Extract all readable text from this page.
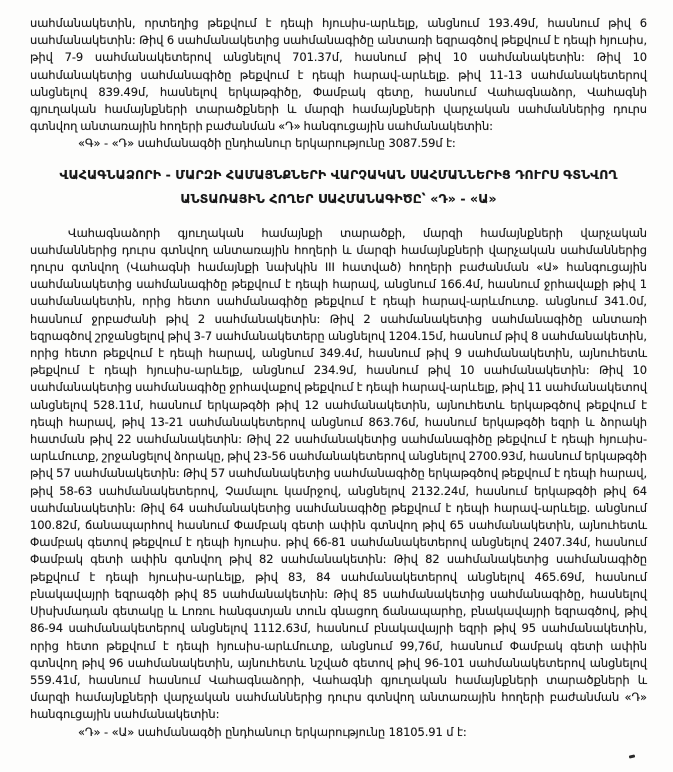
սահմանակետին, որտեղից թեքվում է դեպի հյուսիս-արևելք, անցնում 193.49մ, հասնում թիվ 6 սահմանակետին: Թիվ 6 սահմանակետից սահմանագիծը անտառի եզրագծով թեքվում է դեպի հյուսիս, թիվ 7-9 սահմանակետերով անցնելով 701.37մ, հասնում թիվ 10 սահմանակետին: Թիվ 10 սահմանակետից սահմանագիծը թեքվում է դեպի հարավ-արևելք. թիվ 11-13 սահմանակետերով անցնելով 839.49մ, հասնելով երկաթգիծը, Փամբակ գետը, հասնում Վահագնաձոր, Վահագնի գյուղական համայնքների տարածքների և մարզի համայնքների վարչական սահմաններից դուրս գտնվող անտառային հողերի բաժանման «Դ» հանգուցային սահմանակետին:

«Գ» - «Դ» սահմանագծի ընդհանուր երկարությունը 3087.59մ է:

ՎԱՀԱԳՆԱՁՈՐԻ - ՄԱՐԶԻ ՀԱՄԱՅՆՔՆԵՐԻ ՎԱՐՉԱԿԱՆ ՍԱՀՄԱՆՆԵՐԻՑ ԴՈՒՐՍ ԳՏՆՎՈՂ
ԱՆՏԱՌԱՅԻՆ ՀՈՂԵՐ ՍԱՀՄԱՆԱԳԻԾԸ՝ «Դ» - «Ա»

Վահագնաձորի գյուղական համայնքի տարածքի, մարզի համայնքների վարչական սահմաններից դուրս գտնվող անտառային հողերի և մարզի համայնքների վարչական սահմաններից դուրս գտնվող (Վահագնի համայնքի նախկին III հատված) հողերի բաժանման «Ա» հանգուցային սահմանակետից սահմանագիծը թեքվում է դեպի հարավ, անցնում 166.4մ, հասնում ջրհավաքի թիվ 1 սահմանակետին, որից հետո սահմանագիծը թեքվում է դեպի հարավ-արևմուտք. անցնում 341.0մ, հասնում ջրբաժանի թիվ 2 սահմանակետին: Թիվ 2 սահմանակետից սահմանագիծը անտառի եզրագծով շրջանցելով թիվ 3-7 սահմանակետերը անցնելով 1204.15մ, հասնում թիվ 8 սահմանակետին, որից հետո թեքվում է դեպի հարավ, անցնում 349.4մ, հասնում թիվ 9 սահմանակետին, այնուհետև թեքվում է դեպի հյուսիս-արևելք, անցնում 234.9մ, հասնում թիվ 10 սահմանակետին: Թիվ 10 սահմանակետից սահմանագիծը ջրհավաքով թեքվում է դեպի հարավ-արևելք, թիվ 11 սահմանակետով անցնելով 528.11մ, հասնում երկաթգծի թիվ 12 սահմանակետին, այնուհետև երկաթգծով թեքվում է դեպի հարավ, թիվ 13-21 սահմանակետերով անցնում 863.76մ, հասնում երկաթգծի եզրի և ձորակի հատման թիվ 22 սահմանակետին: Թիվ 22 սահմանակետից սահմանագիծը թեքվում է դեպի հյուսիս-արևմուտք, շրջանցելով ձորակը, թիվ 23-56 սահմանակետերով անցնելով 2700.93մ, հասնում երկաթգծի թիվ 57 սահմանակետին: Թիվ 57 սահմանակետից սահմանագիծը երկաթգծով թեքվում է դեպի հարավ, թիվ 58-63 սահմանակետերով, Չամալու կամրջով, անցնելով 2132.24մ, հասնում երկաթգծի թիվ 64 սահմանակետին: Թիվ 64 սահմանակետից սահմանագիծը թեքվում է դեպի հարավ-արևելք. անցնում 100.82մ, ճանապարհով հասնում Փամբակ գետի ափին գտնվող թիվ 65 սահմանակետին, այնուհետև Փամբակ գետով թեքվում է դեպի հյուսիս. թիվ 66-81 սահմանակետերով անցնելով 2407.34մ, հասնում Փամբակ գետի ափին գտնվող թիվ 82 սահմանակետին: Թիվ 82 սահմանակետից սահմանագիծը թեքվում է դեպի հյուսիս-արևելք, թիվ 83, 84 սահմանակետերով անցնելով 465.69մ, հասնում բնակավայրի եզրագծի թիվ 85 սահմանակետին: Թիվ 85 սահմանակետից սահմանագիծը, հասնելով Սիսխմադան գետակը և Լոռու հանգստյան տուն գնացող ճանապարհը, բնակավայրի եզրագծով, թիվ 86-94 սահմանակետերով անցնելով 1112.63մ, հասնում բնակավայրի եզրի թիվ 95 սահմանակետին, որից հետո թեքվում է դեպի հյուսիս-արևմուտք, անցնում 99,76մ, հասնում Փամբակ գետի ափին գտնվող թիվ 96 սահմանակետին, այնուհետև նշված գետով թիվ 96-101 սահմանակետերով անցնելով 559.41մ, հասնում հասնում Վահագնաձորի, Վահագնի գյուղական համայնքների տարածքների և մարզի համայնքների վարչական սահմաններից դուրս գտնվող անտառային հողերի բաժանման «Դ» հանգուցային սահմանակետին:

«Դ» - «Ա» սահմանագծի ընդհանուր երկարությունը 18105.91 մ է:
